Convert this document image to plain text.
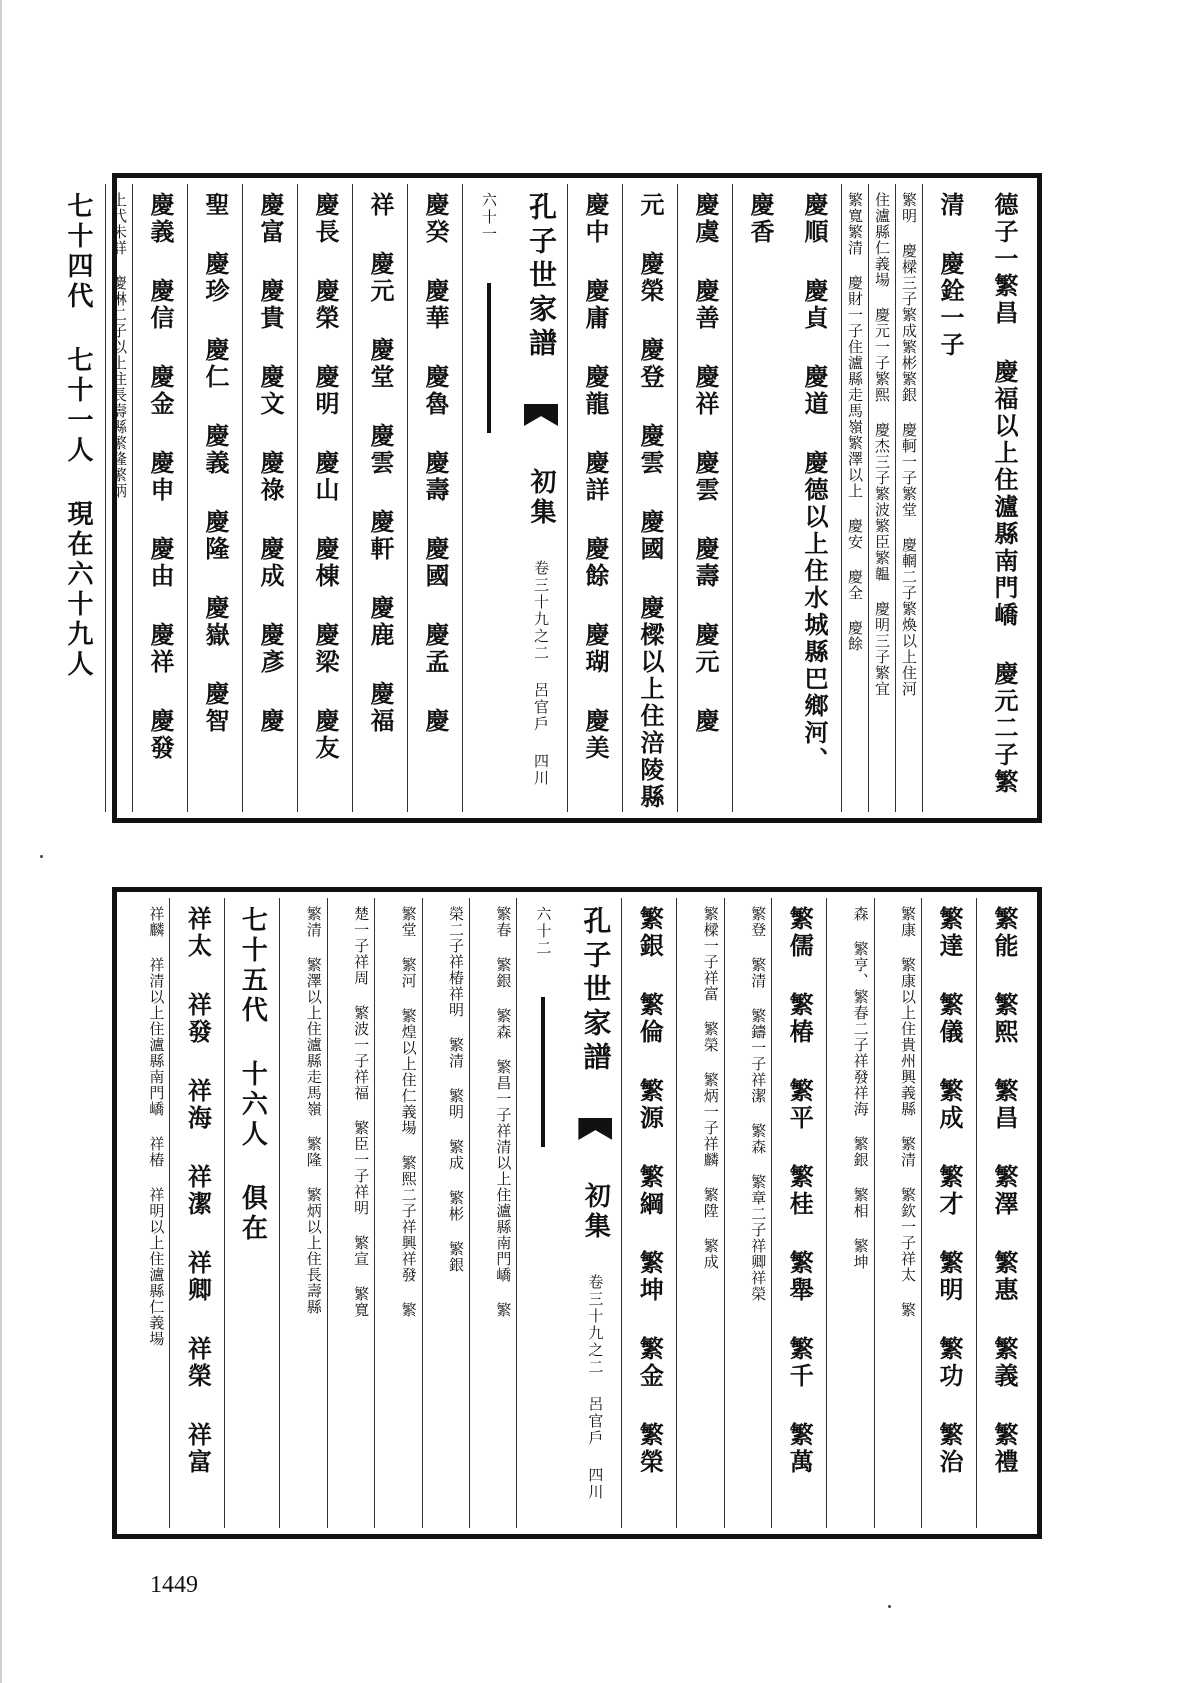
德子一繁昌 慶福以上住瀘縣南門嶠 慶元二子繁清 慶銓一子
繁明 慶樑三子繁成繁彬繁銀 慶軻一子繁堂 慶輞二子繁煥以上住河
住瀘縣仁義場 慶元一子繁熙 慶杰三子繁波繁臣繁韞 慶明三子繁宜
繁寬繁清 慶財一子住瀘縣走馬嶺繁澤以上 慶安 慶全 慶餘
慶順 慶貞 慶道 慶德以上住水城縣巴鄉河、 慶香
慶虞 慶善 慶祥 慶雲 慶壽 慶元 慶
元 慶榮 慶登 慶雲 慶國 慶樑以上住涪陵縣
慶中 慶庸 慶龍 慶詳 慶餘 慶瑚 慶美
孔子世家譜  初集 卷三十九之二 呂官戶 四川 六十一
慶癸 慶華 慶魯 慶壽 慶國 慶孟 慶
祥 慶元 慶堂 慶雲 慶軒 慶鹿 慶福
慶長 慶榮 慶明 慶山 慶棟 慶梁 慶友
慶富 慶貴 慶文 慶祿 慶成 慶彥 慶
聖 慶珍 慶仁 慶義 慶隆 慶嶽 慶智
慶義 慶信 慶金 慶申 慶由 慶祥 慶發
上代未詳 慶淋二子以上住長壽縣繁隆繁炳
七十四代 七十一人 現在六十九人
繁能 繁熙 繁昌 繁澤 繁惠 繁義 繁禮
繁達 繁儀 繁成 繁才 繁明 繁功 繁治
繁康 繁康以上住貴州興義縣 繁清 繁欽一子祥太 繁
森 繁亨、繁春二子祥發祥海 繁銀 繁相 繁坤
繁儒 繁椿 繁平 繁桂 繁舉 繁千 繁萬
繁登 繁清 繁鑄一子祥潔 繁森 繁章二子祥卿祥榮
繁樑一子祥富 繁榮 繁炳一子祥麟 繁陞 繁成
繁銀 繁倫 繁源 繁綱 繁坤 繁金 繁榮
孔子世家譜  初集 卷三十九之二 呂官戶 四川 六十二
繁春 繁銀 繁森 繁昌一子祥清以上住瀘縣南門嶠 繁
榮二子祥椿祥明 繁清 繁明 繁成 繁彬 繁銀
繁堂 繁河 繁煌以上住仁義場 繁熙二子祥興祥發 繁
楚一子祥周 繁波一子祥福 繁臣一子祥明 繁宣 繁寬
繁清 繁澤以上住瀘縣走馬嶺 繁隆 繁炳以上住長壽縣
七十五代 十六人 俱在
祥太 祥發 祥海 祥潔 祥卿 祥榮 祥富
祥麟 祥清以上住瀘縣南門嶠 祥椿 祥明以上住瀘縣仁義場
1449
